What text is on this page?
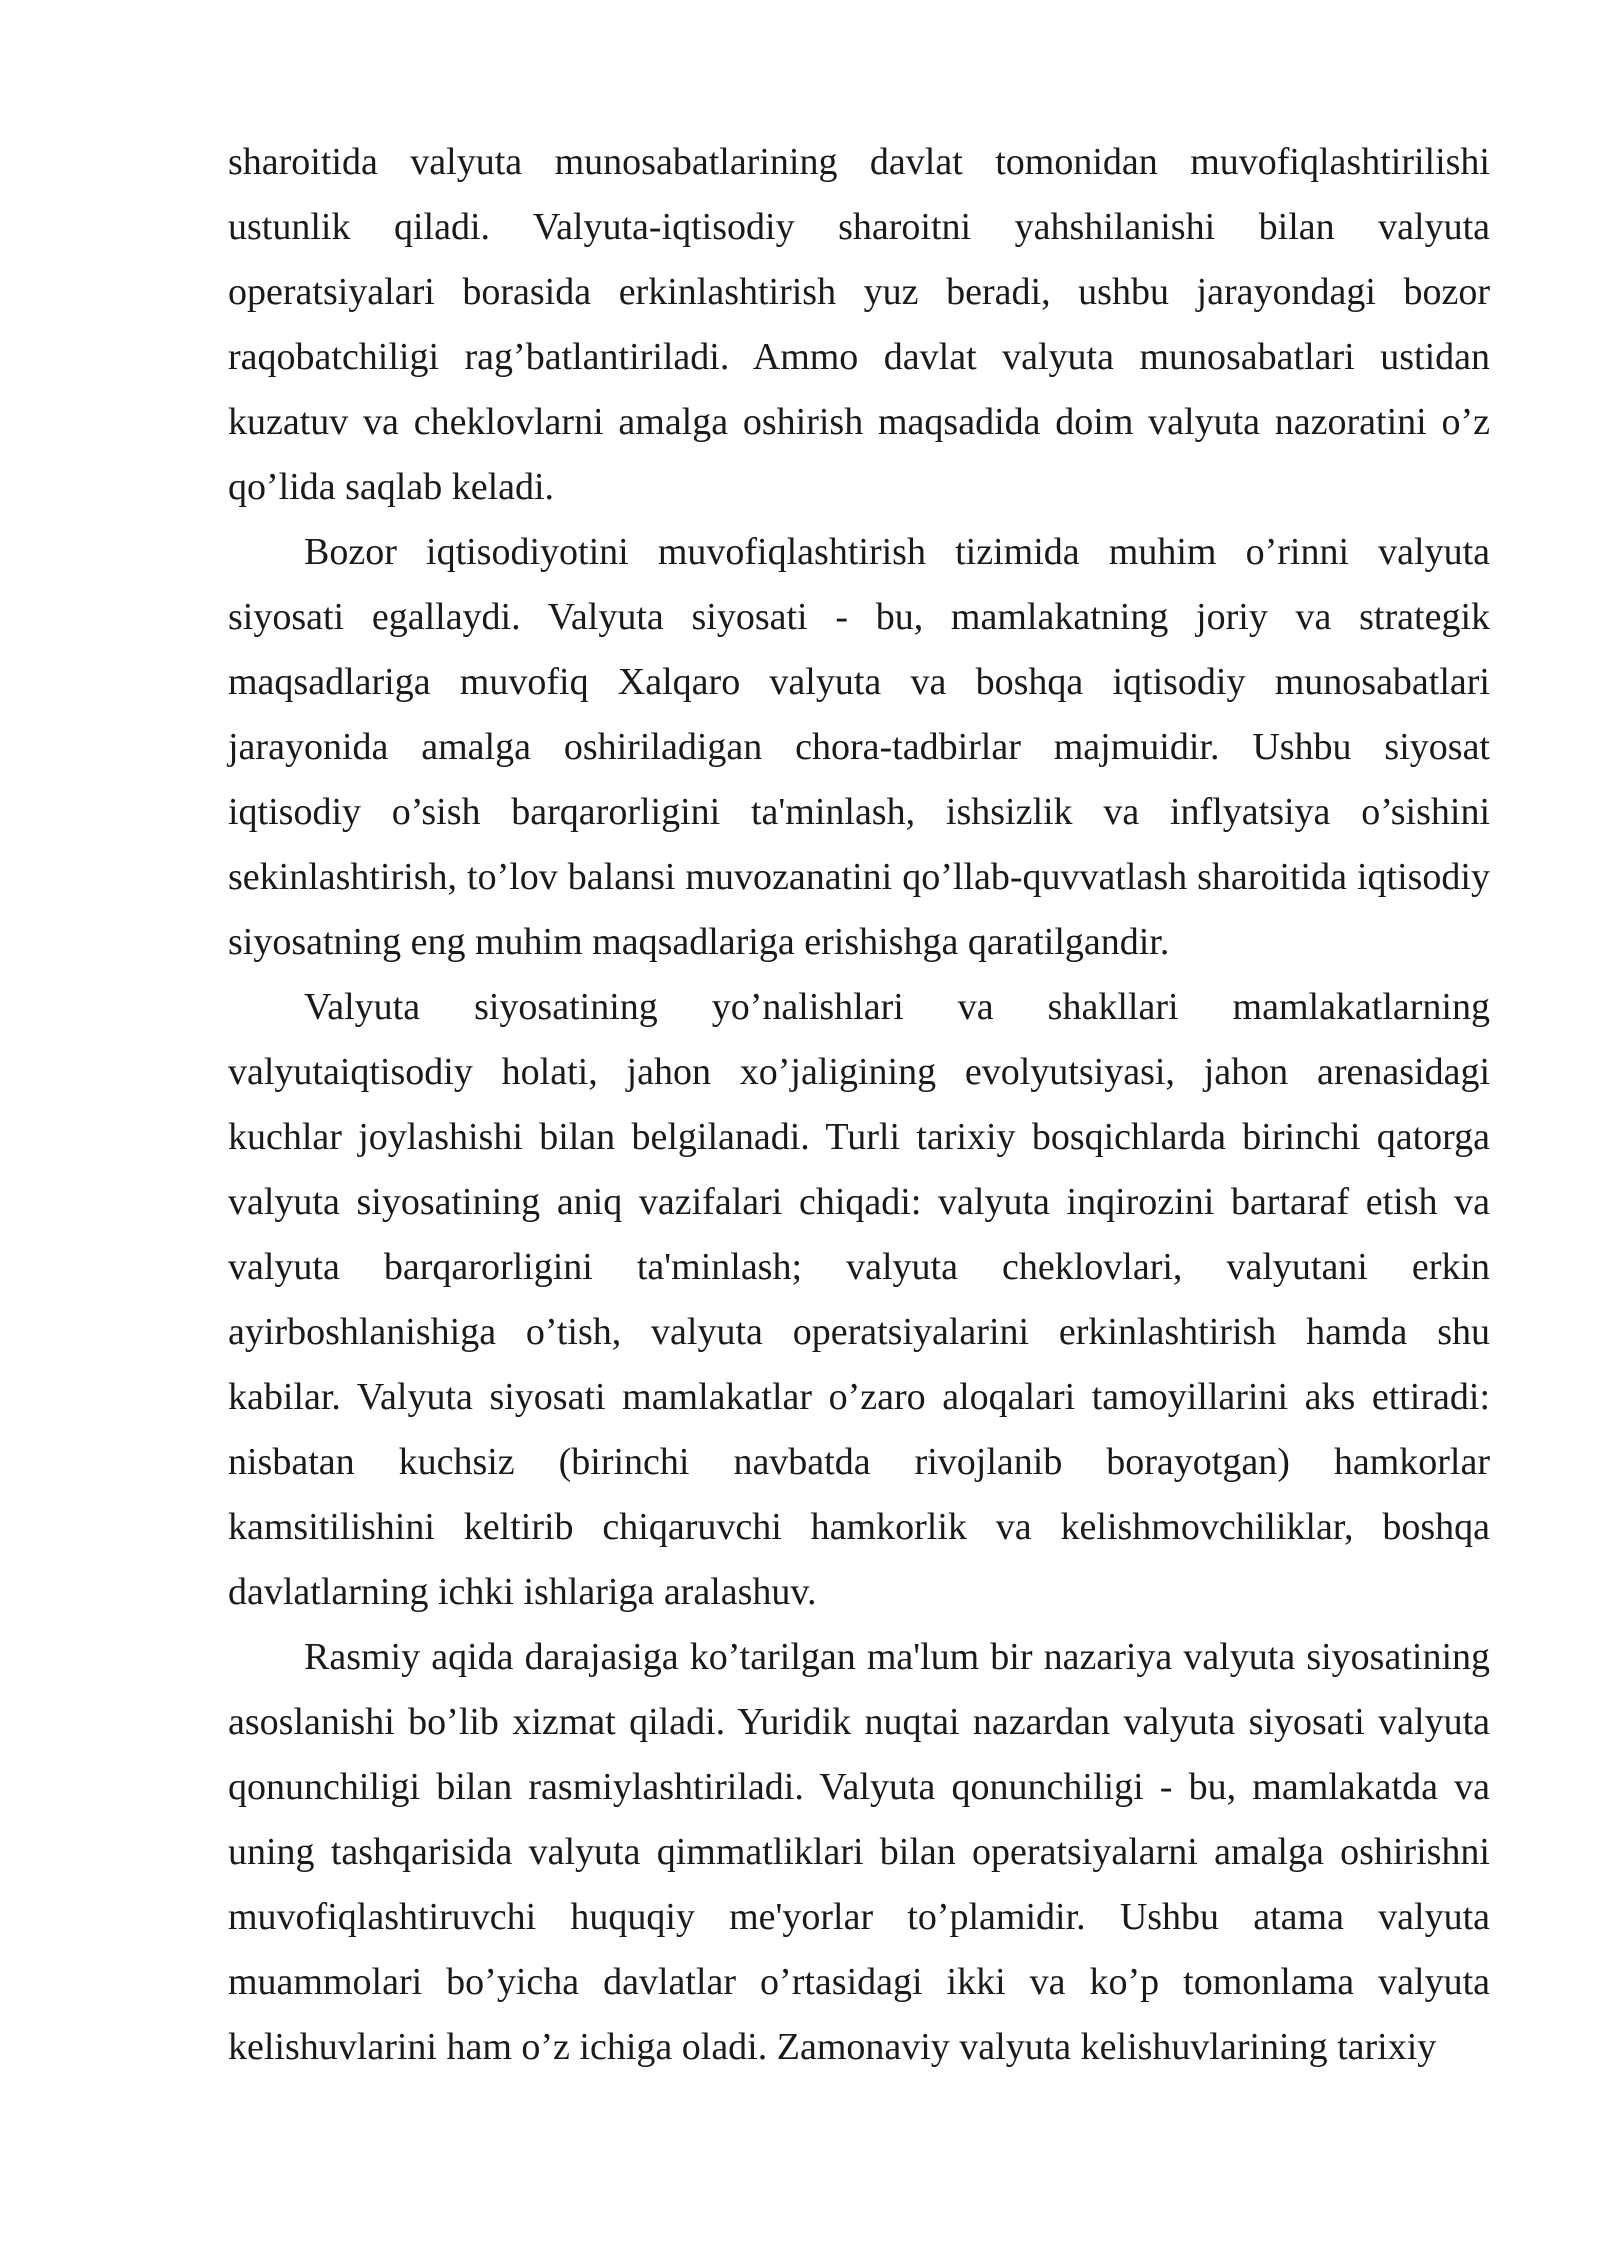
sharoitida valyuta munosabatlarining davlat tomonidan muvofiqlashtirilishi ustunlik qiladi. Valyuta-iqtisodiy sharoitni yahshilanishi bilan valyuta operatsiyalari borasida erkinlashtirish yuz beradi, ushbu jarayondagi bozor raqobatchiligi rag’batlantiriladi. Ammo davlat valyuta munosabatlari ustidan kuzatuv va cheklovlarni amalga oshirish maqsadida doim valyuta nazoratini o’z qo’lida saqlab keladi.

Bozor iqtisodiyotini muvofiqlashtirish tizimida muhim o’rinni valyuta siyosati egallaydi. Valyuta siyosati - bu, mamlakatning joriy va strategik maqsadlariga muvofiq Xalqaro valyuta va boshqa iqtisodiy munosabatlari jarayonida amalga oshiriladigan chora-tadbirlar majmuidir. Ushbu siyosat iqtisodiy o’sish barqarorligini ta'minlash, ishsizlik va inflyatsiya o’sishini sekinlashtirish, to’lov balansi muvozanatini qo’llab-quvvatlash sharoitida iqtisodiy siyosatning eng muhim maqsadlariga erishishga qaratilgandir.

Valyuta siyosatining yo’nalishlari va shakllari mamlakatlarning valyutaiqtisodiy holati, jahon xo’jaligining evolyutsiyasi, jahon arenasidagi kuchlar joylashishi bilan belgilanadi. Turli tarixiy bosqichlarda birinchi qatorga valyuta siyosatining aniq vazifalari chiqadi: valyuta inqirozini bartaraf etish va valyuta barqarorligini ta'minlash; valyuta cheklovlari, valyutani erkin ayirboshlanishiga o’tish, valyuta operatsiyalarini erkinlashtirish hamda shu kabilar. Valyuta siyosati mamlakatlar o’zaro aloqalari tamoyillarini aks ettiradi: nisbatan kuchsiz (birinchi navbatda rivojlanib borayotgan) hamkorlar kamsitilishini keltirib chiqaruvchi hamkorlik va kelishmovchiliklar, boshqa davlatlarning ichki ishlariga aralashuv.

Rasmiy aqida darajasiga ko’tarilgan ma'lum bir nazariya valyuta siyosatining asoslanishi bo’lib xizmat qiladi. Yuridik nuqtai nazardan valyuta siyosati valyuta qonunchiligi bilan rasmiylashtiriladi. Valyuta qonunchiligi - bu, mamlakatda va uning tashqarisida valyuta qimmatliklari bilan operatsiyalarni amalga oshirishni muvofiqlashtiruvchi huquqiy me'yorlar to’plamidir. Ushbu atama valyuta muammolari bo’yicha davlatlar o’rtasidagi ikki va ko’p tomonlama valyuta kelishuvlarini ham o’z ichiga oladi. Zamonaviy valyuta kelishuvlarining tarixiy
